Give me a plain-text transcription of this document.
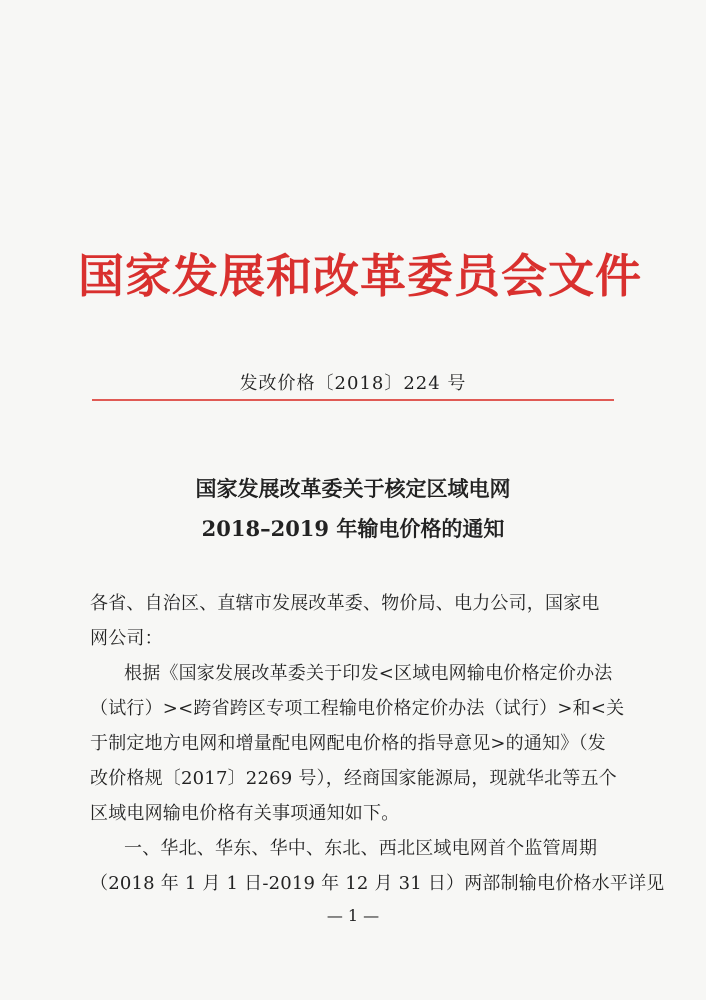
国家发展和改革委员会文件
发改价格〔2018〕224 号
国家发展改革委关于核定区域电网
2018–2019 年输电价格的通知
各省、自治区、直辖市发展改革委、物价局、电力公司，国家电
网公司：
根据《国家发展改革委关于印发<区域电网输电价格定价办法
（试行）><跨省跨区专项工程输电价格定价办法（试行）>和<关
于制定地方电网和增量配电网配电价格的指导意见>的通知》（发
改价格规〔2017〕2269 号），经商国家能源局，现就华北等五个
区域电网输电价格有关事项通知如下。
一、华北、华东、华中、东北、西北区域电网首个监管周期
（2018 年 1 月 1 日-2019 年 12 月 31 日）两部制输电价格水平详见
— 1 —
